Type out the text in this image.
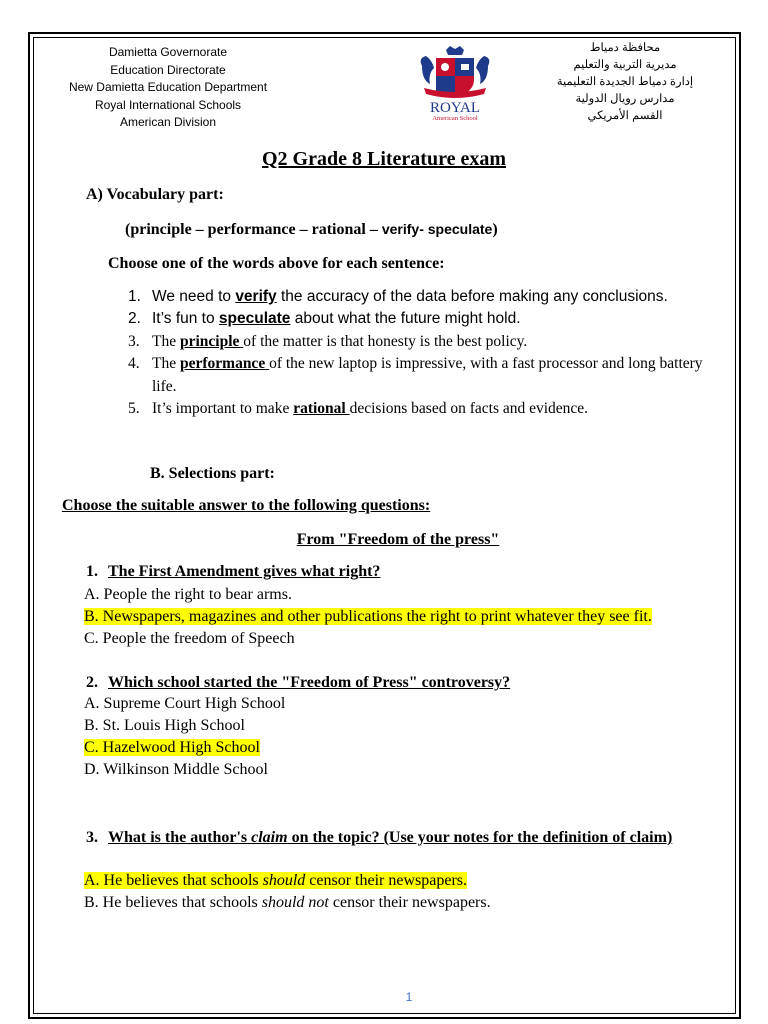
Damietta Governorate
Education Directorate
New Damietta Education Department
Royal International Schools
American Division
ROYAL
American School
محافظة دمياط
مديرية التربية والتعليم
إدارة دمياط الجديدة التعليمية
مدارس رويال الدولية
القسم الأمريكي
Q2 Grade 8 Literature exam
A) Vocabulary part:
(principle – performance – rational – verify- speculate)
Choose one of the words above for each sentence:
1. We need to verify the accuracy of the data before making any conclusions.
2. It’s fun to speculate about what the future might hold.
3. The principle of the matter is that honesty is the best policy.
4. The performance of the new laptop is impressive, with a fast processor and long battery life.
5. It’s important to make rational decisions based on facts and evidence.
B. Selections part:
Choose the suitable answer to the following questions:
From "Freedom of the press"
1. The First Amendment gives what right?
A. People the right to bear arms.
B. Newspapers, magazines and other publications the right to print whatever they see fit.
C. People the freedom of Speech
2. Which school started the "Freedom of Press" controversy?
A. Supreme Court High School
B. St. Louis High School
C. Hazelwood High School
D. Wilkinson Middle School
3. What is the author's claim on the topic? (Use your notes for the definition of claim)
A. He believes that schools should censor their newspapers.
B. He believes that schools should not censor their newspapers.
1
